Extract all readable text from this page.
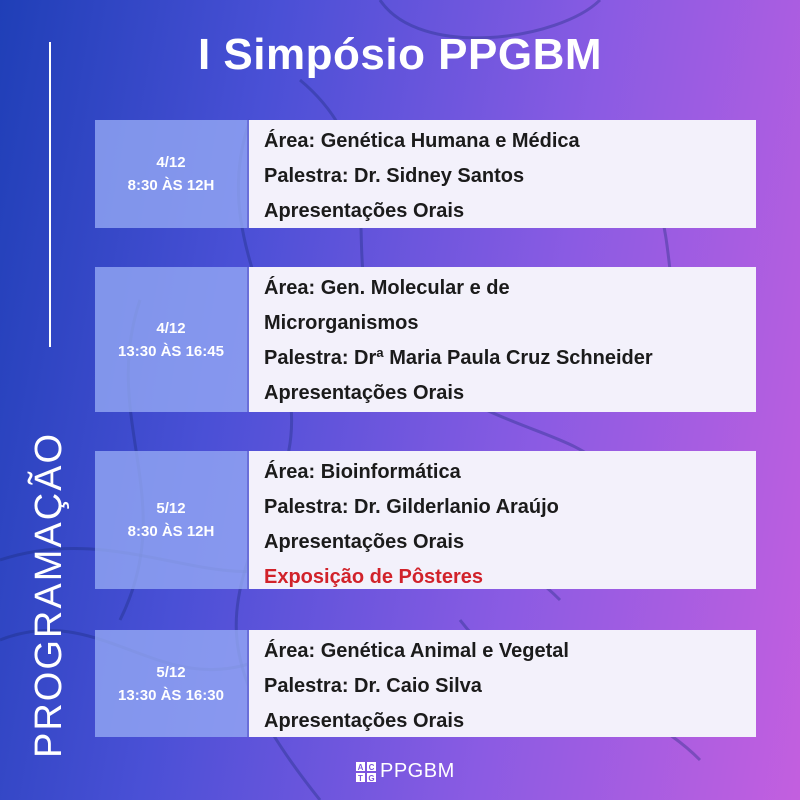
I Simpósio PPGBM
PROGRAMAÇÃO
4/12
8:30 ÀS 12H
Área: Genética Humana e Médica
Palestra: Dr. Sidney Santos
Apresentações Orais
4/12
13:30 ÀS 16:45
Área: Gen. Molecular e de
Microrganismos
Palestra: Drª Maria Paula Cruz Schneider
Apresentações Orais
5/12
8:30 ÀS 12H
Área: Bioinformática
Palestra: Dr. Gilderlanio Araújo
Apresentações Orais
Exposição de Pôsteres
5/12
13:30 ÀS 16:30
Área: Genética Animal e Vegetal
Palestra: Dr. Caio Silva
Apresentações Orais
A C
T G PPGBM
